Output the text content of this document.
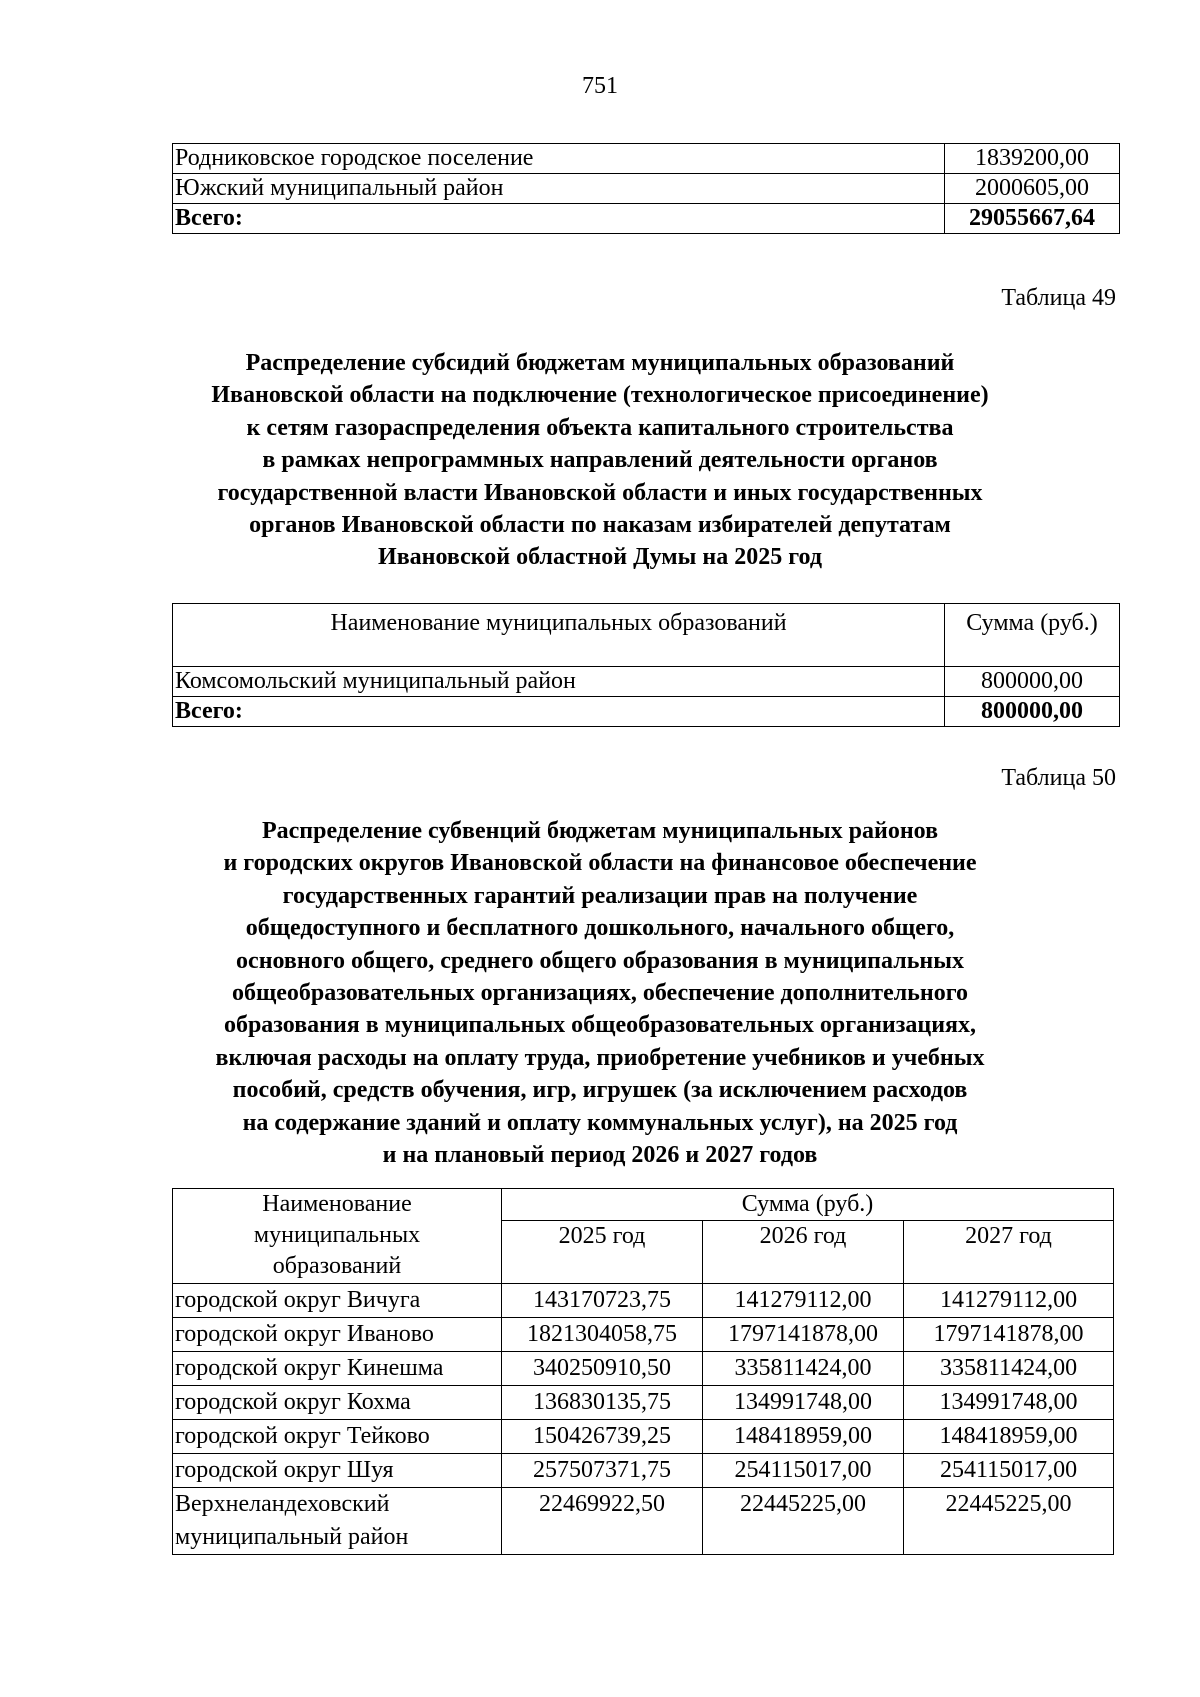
751
Родниковское городское поселение	1839200,00
Южский муниципальный район	2000605,00
Всего:	29055667,64
Таблица 49
Распределение субсидий бюджетам муниципальных образований
Ивановской области на подключение (технологическое присоединение)
к сетям газораспределения объекта капитального строительства
в рамках непрограммных направлений деятельности органов
государственной власти Ивановской области и иных государственных
органов Ивановской области по наказам избирателей депутатам
Ивановской областной Думы на 2025 год
Наименование муниципальных образований	Сумма (руб.)
Комсомольский муниципальный район	800000,00
Всего:	800000,00
Таблица 50
Распределение субвенций бюджетам муниципальных районов
и городских округов Ивановской области на финансовое обеспечение
государственных гарантий реализации прав на получение
общедоступного и бесплатного дошкольного, начального общего,
основного общего, среднего общего образования в муниципальных
общеобразовательных организациях, обеспечение дополнительного
образования в муниципальных общеобразовательных организациях,
включая расходы на оплату труда, приобретение учебников и учебных
пособий, средств обучения, игр, игрушек (за исключением расходов
на содержание зданий и оплату коммунальных услуг), на 2025 год
и на плановый период 2026 и 2027 годов
Наименование
муниципальных
образований	Сумма (руб.)		
	2025 год	2026 год	2027 год
городской округ Вичуга	143170723,75	141279112,00	141279112,00
городской округ Иваново	1821304058,75	1797141878,00	1797141878,00
городской округ Кинешма	340250910,50	335811424,00	335811424,00
городской округ Кохма	136830135,75	134991748,00	134991748,00
городской округ Тейково	150426739,25	148418959,00	148418959,00
городской округ Шуя	257507371,75	254115017,00	254115017,00
Верхнеландеховский муниципальный район	22469922,50	22445225,00	22445225,00
